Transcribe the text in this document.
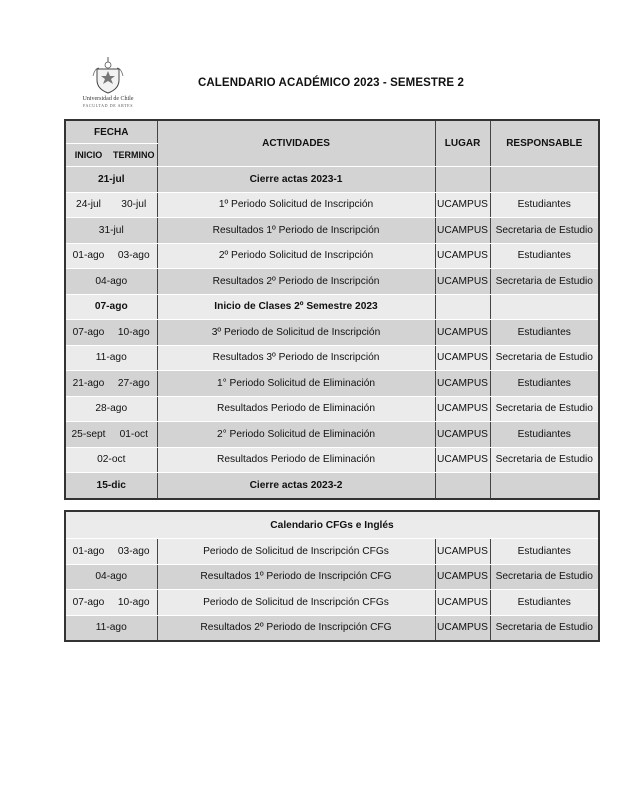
Universidad de Chile
FACULTAD DE ARTES
CALENDARIO ACADÉMICO 2023 - SEMESTRE 2
FECHA		ACTIVIDADES	LUGAR	RESPONSABLE
INICIO	TERMINO			
21-jul		Cierre actas 2023-1		
24-jul	30-jul	1º Periodo Solicitud de Inscripción	UCAMPUS	Estudiantes
31-jul		Resultados 1º Periodo de Inscripción	UCAMPUS	Secretaria de Estudio
01-ago	03-ago	2º Periodo Solicitud de Inscripción	UCAMPUS	Estudiantes
04-ago		Resultados 2º Periodo de Inscripción	UCAMPUS	Secretaria de Estudio
07-ago		Inicio de Clases 2º Semestre 2023		
07-ago	10-ago	3º Periodo de Solicitud de Inscripción	UCAMPUS	Estudiantes
11-ago		Resultados 3º Periodo de Inscripción	UCAMPUS	Secretaria de Estudio
21-ago	27-ago	1° Periodo Solicitud de Eliminación	UCAMPUS	Estudiantes
28-ago		Resultados Periodo de Eliminación	UCAMPUS	Secretaria de Estudio
25-sept	01-oct	2° Periodo Solicitud de Eliminación	UCAMPUS	Estudiantes
02-oct		Resultados Periodo de Eliminación	UCAMPUS	Secretaria de Estudio
15-dic		Cierre actas 2023-2		
Calendario CFGs e Inglés				
01-ago	03-ago	Periodo de Solicitud de Inscripción CFGs	UCAMPUS	Estudiantes
04-ago		Resultados 1º Periodo de Inscripción CFG	UCAMPUS	Secretaria de Estudio
07-ago	10-ago	Periodo de Solicitud de Inscripción CFGs	UCAMPUS	Estudiantes
11-ago		Resultados 2º Periodo de Inscripción CFG	UCAMPUS	Secretaria de Estudio
